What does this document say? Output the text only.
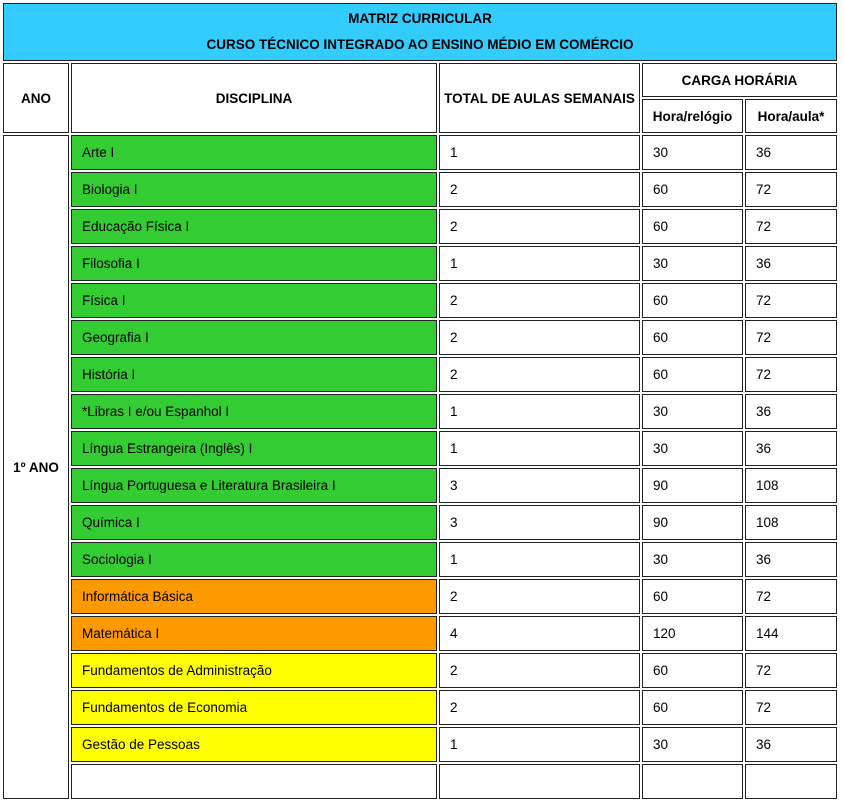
MATRIZ CURRICULAR
CURSO TÉCNICO INTEGRADO AO ENSINO MÉDIO EM COMÉRCIO				

ANO	DISCIPLINA	TOTAL DE AULAS SEMANAIS	CARGA HORÁRIA	
			Hora/relógio	Hora/aula*
1º ANO	Arte I	1	30	36
	Biologia I	2	60	72
	Educação Física I	2	60	72
	Filosofia I	1	30	36
	Física I	2	60	72
	Geografia I	2	60	72
	História I	2	60	72
	*Libras I e/ou Espanhol I	1	30	36
	Língua Estrangeira (Inglês) I	1	30	36
	Língua Portuguesa e Literatura Brasileira I	3	90	108
	Química I	3	90	108
	Sociologia I	1	30	36
	Informática Básica	2	60	72
	Matemática I	4	120	144
	Fundamentos de Administração	2	60	72
	Fundamentos de Economia	2	60	72
	Gestão de Pessoas	1	30	36
